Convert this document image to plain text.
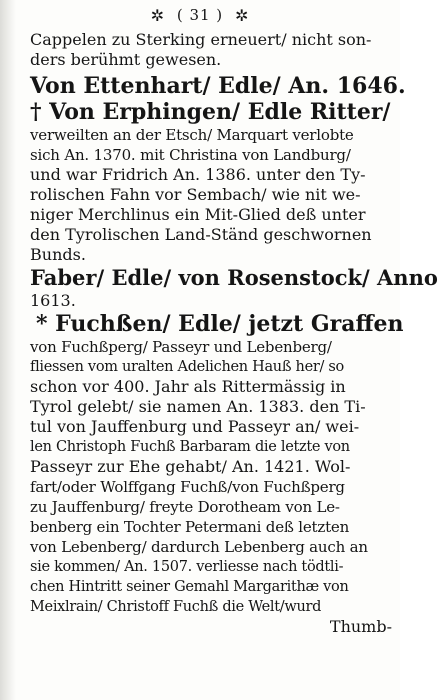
✲ ( 31 ) ✲
Cappelen zu Sterking erneuert/ nicht son-
ders berühmt gewesen.
Von Ettenhart/ Edle/ An. 1646.
† Von Erphingen/ Edle Ritter/
verweilten an der Etsch/ Marquart verlobte
sich An. 1370. mit Christina von Landburg/
und war Fridrich An. 1386. unter den Ty-
rolischen Fahn vor Sembach/ wie nit we-
niger Merchlinus ein Mit-Glied deß unter
den Tyrolischen Land-Ständ geschwornen
Bunds.
Faber/ Edle/ von Rosenstock/ Anno
1613.
* Fuchßen/ Edle/ jetzt Graffen
von Fuchßperg/ Passeyr und Lebenberg/
fliessen vom uralten Adelichen Hauß her/ so
schon vor 400. Jahr als Rittermässig in
Tyrol gelebt/ sie namen An. 1383. den Ti-
tul von Jauffenburg und Passeyr an/ wei-
len Christoph Fuchß Barbaram die letzte von
Passeyr zur Ehe gehabt/ An. 1421. Wol-
fart/oder Wolffgang Fuchß/von Fuchßperg
zu Jauffenburg/ freyte Dorotheam von Le-
benberg ein Tochter Petermani deß letzten
von Lebenberg/ dardurch Lebenberg auch an
sie kommen/ An. 1507. verliesse nach tödtli-
chen Hintritt seiner Gemahl Margarithæ von
Meixlrain/ Christoff Fuchß die Welt/wurd
Thumb-
